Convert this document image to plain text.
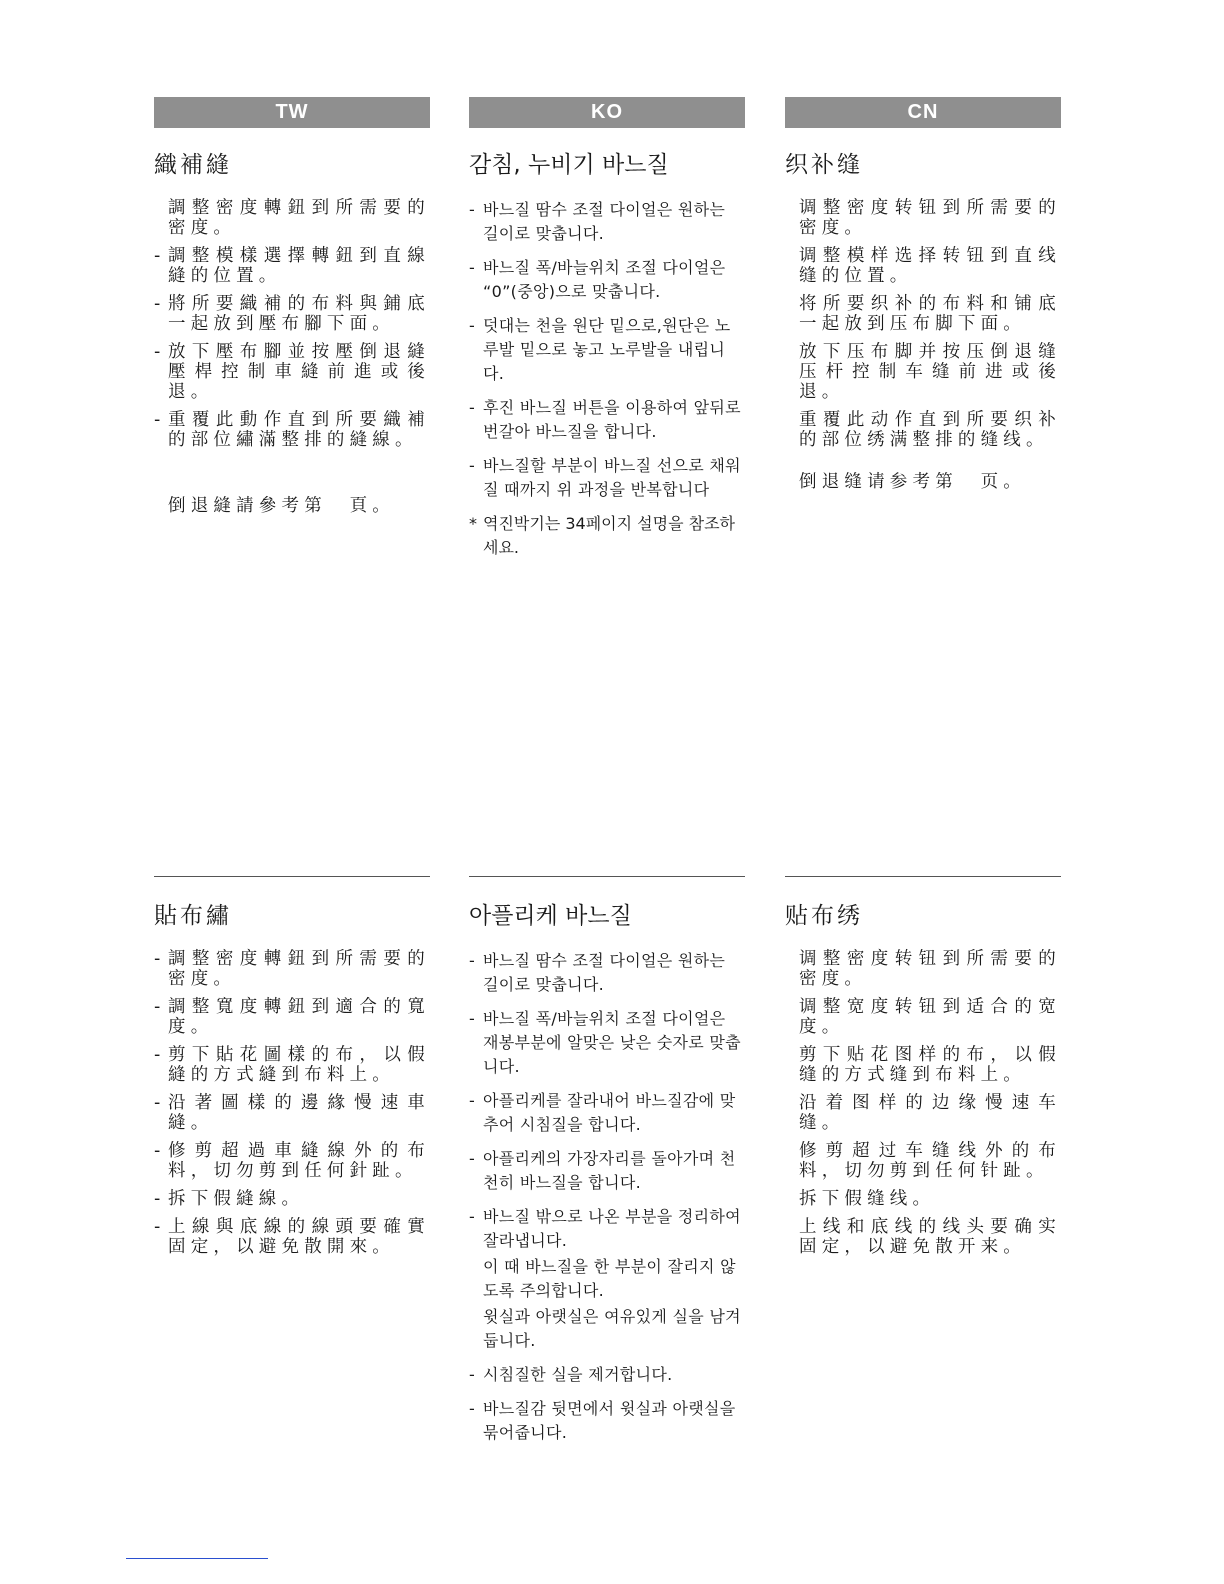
TW
織補縫
調整密度轉鈕到所需要的密度。
- 調整模樣選擇轉鈕到直線縫的位置。
- 將所要織補的布料與鋪底一起放到壓布腳下面。
- 放下壓布腳並按壓倒退縫壓桿控制車縫前進或後退。
- 重覆此動作直到所要織補的部位繡滿整排的縫線。
倒退縫請參考第　頁。
KO
감침, 누비기 바느질
- 바느질 땀수 조절 다이얼은 원하는 길이로 맞춥니다.
- 바느질 폭/바늘위치 조절 다이얼은 “0”(중앙)으로 맞춥니다.
- 덧대는 천을 원단 밑으로,원단은 노루발 밑으로 놓고 노루발을 내립니다.
- 후진 바느질 버튼을 이용하여 앞뒤로 번갈아 바느질을 합니다.
- 바느질할 부분이 바느질 선으로 채워질 때까지 위 과정을 반복합니다
* 역진박기는 34페이지 설명을 참조하세요.
CN
织补缝
调整密度转钮到所需要的密度。
调整模样选择转钮到直线缝的位置。
将所要织补的布料和铺底一起放到压布脚下面。
放下压布脚并按压倒退缝压杆控制车缝前进或後退。
重覆此动作直到所要织补的部位绣满整排的缝线。
倒退缝请参考第　页。
貼布繡
- 調整密度轉鈕到所需要的密度。
- 調整寬度轉鈕到適合的寬度。
- 剪下貼花圖樣的布，以假縫的方式縫到布料上。
- 沿著圖樣的邊緣慢速車縫。
- 修剪超過車縫線外的布料，切勿剪到任何針趾。
- 拆下假縫線。
- 上線與底線的線頭要確實固定，以避免散開來。
아플리케 바느질
- 바느질 땀수 조절 다이얼은 원하는 길이로 맞춥니다.
- 바느질 폭/바늘위치 조절 다이얼은 재봉부분에 알맞은 낮은 숫자로 맞춥니다.
- 아플리케를 잘라내어 바느질감에 맞추어 시침질을 합니다.
- 아플리케의 가장자리를 돌아가며 천천히 바느질을 합니다.
- 바느질 밖으로 나온 부분을 정리하여 잘라냅니다.
이 때 바느질을 한 부분이 잘리지 않도록 주의합니다.
윗실과 아랫실은 여유있게 실을 남겨둡니다.
- 시침질한 실을 제거합니다.
- 바느질감 뒷면에서 윗실과 아랫실을 묶어줍니다.
贴布绣
调整密度转钮到所需要的密度。
调整宽度转钮到适合的宽度。
剪下贴花图样的布，以假缝的方式缝到布料上。
沿着图样的边缘慢速车缝。
修剪超过车缝线外的布料，切勿剪到任何针趾。
拆下假缝线。
上线和底线的线头要确实固定，以避免散开来。
